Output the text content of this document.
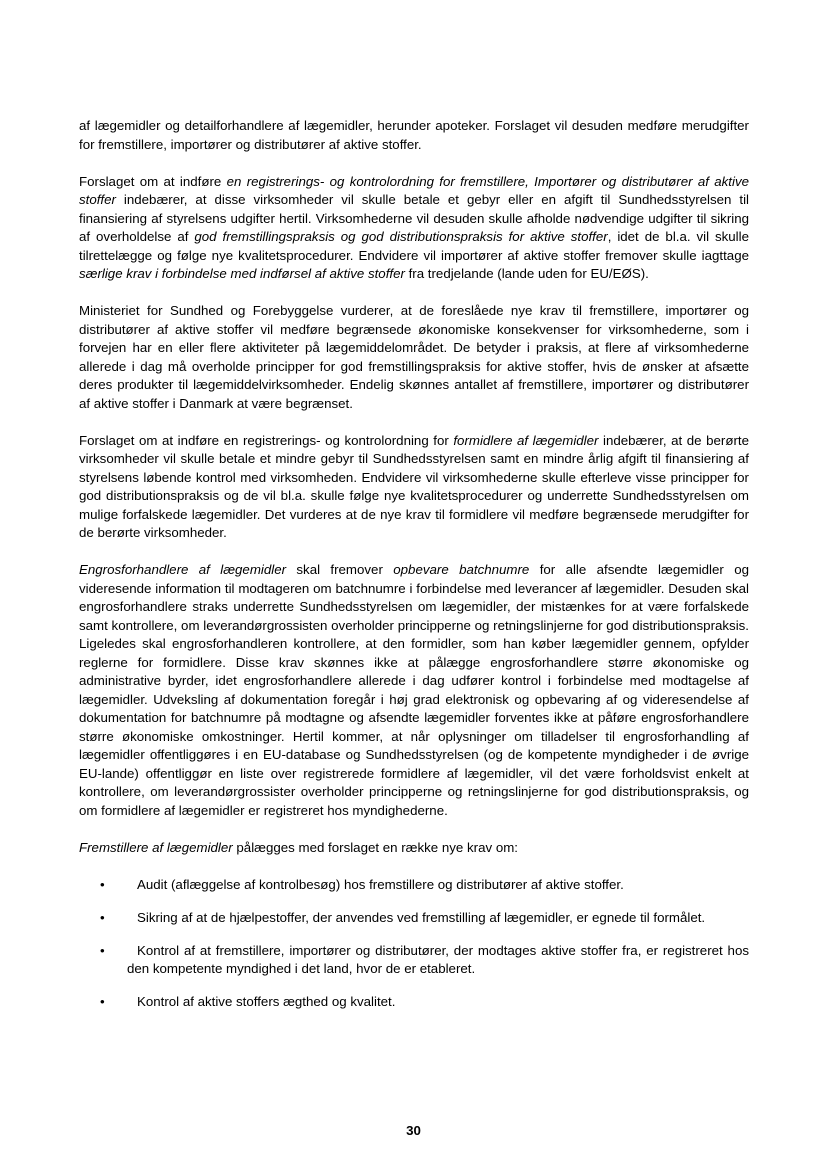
af lægemidler og detailforhandlere af lægemidler, herunder apoteker. Forslaget vil desuden medføre merudgifter for fremstillere, importører og distributører af aktive stoffer.

Forslaget om at indføre en registrerings- og kontrolordning for fremstillere, Importører og distributører af aktive stoffer indebærer, at disse virksomheder vil skulle betale et gebyr eller en afgift til Sundhedsstyrelsen til finansiering af styrelsens udgifter hertil. Virksomhederne vil desuden skulle afholde nødvendige udgifter til sikring af overholdelse af god fremstillingspraksis og god distributionspraksis for aktive stoffer, idet de bl.a. vil skulle tilrettelægge og følge nye kvalitetsprocedurer. Endvidere vil importører af aktive stoffer fremover skulle iagttage særlige krav i forbindelse med indførsel af aktive stoffer fra tredjelande (lande uden for EU/EØS).

Ministeriet for Sundhed og Forebyggelse vurderer, at de foreslåede nye krav til fremstillere, importører og distributører af aktive stoffer vil medføre begrænsede økonomiske konsekvenser for virksomhederne, som i forvejen har en eller flere aktiviteter på lægemiddelområdet. De betyder i praksis, at flere af virksomhederne allerede i dag må overholde principper for god fremstillingspraksis for aktive stoffer, hvis de ønsker at afsætte deres produkter til lægemiddelvirksomheder. Endelig skønnes antallet af fremstillere, importører og distributører af aktive stoffer i Danmark at være begrænset.

Forslaget om at indføre en registrerings- og kontrolordning for formidlere af lægemidler indebærer, at de berørte virksomheder vil skulle betale et mindre gebyr til Sundhedsstyrelsen samt en mindre årlig afgift til finansiering af styrelsens løbende kontrol med virksomheden. Endvidere vil virksomhederne skulle efterleve visse principper for god distributionspraksis og de vil bl.a. skulle følge nye kvalitetsprocedurer og underrette Sundhedsstyrelsen om mulige forfalskede lægemidler. Det vurderes at de nye krav til formidlere vil medføre begrænsede merudgifter for de berørte virksomheder.

Engrosforhandlere af lægemidler skal fremover opbevare batchnumre for alle afsendte lægemidler og videresende information til modtageren om batchnumre i forbindelse med leverancer af lægemidler. Desuden skal engrosforhandlere straks underrette Sundhedsstyrelsen om lægemidler, der mistænkes for at være forfalskede samt kontrollere, om leverandørgrossisten overholder principperne og retningslinjerne for god distributionspraksis. Ligeledes skal engrosforhandleren kontrollere, at den formidler, som han køber lægemidler gennem, opfylder reglerne for formidlere. Disse krav skønnes ikke at pålægge engrosforhandlere større økonomiske og administrative byrder, idet engrosforhandlere allerede i dag udfører kontrol i forbindelse med modtagelse af lægemidler. Udveksling af dokumentation foregår i høj grad elektronisk og opbevaring af og videresendelse af dokumentation for batchnumre på modtagne og afsendte lægemidler forventes ikke at påføre engrosforhandlere større økonomiske omkostninger. Hertil kommer, at når oplysninger om tilladelser til engrosforhandling af lægemidler offentliggøres i en EU-database og Sundhedsstyrelsen (og de kompetente myndigheder i de øvrige EU-lande) offentliggør en liste over registrerede formidlere af lægemidler, vil det være forholdsvist enkelt at kontrollere, om leverandørgrossister overholder principperne og retningslinjerne for god distributionspraksis, og om formidlere af lægemidler er registreret hos myndighederne.

Fremstillere af lægemidler pålægges med forslaget en række nye krav om:

•	Audit (aflæggelse af kontrolbesøg) hos fremstillere og distributører af aktive stoffer.
•	Sikring af at de hjælpestoffer, der anvendes ved fremstilling af lægemidler, er egnede til formålet.
•	Kontrol af at fremstillere, importører og distributører, der modtages aktive stoffer fra, er registreret hos den kompetente myndighed i det land, hvor de er etableret.
•	Kontrol af aktive stoffers ægthed og kvalitet.
30
